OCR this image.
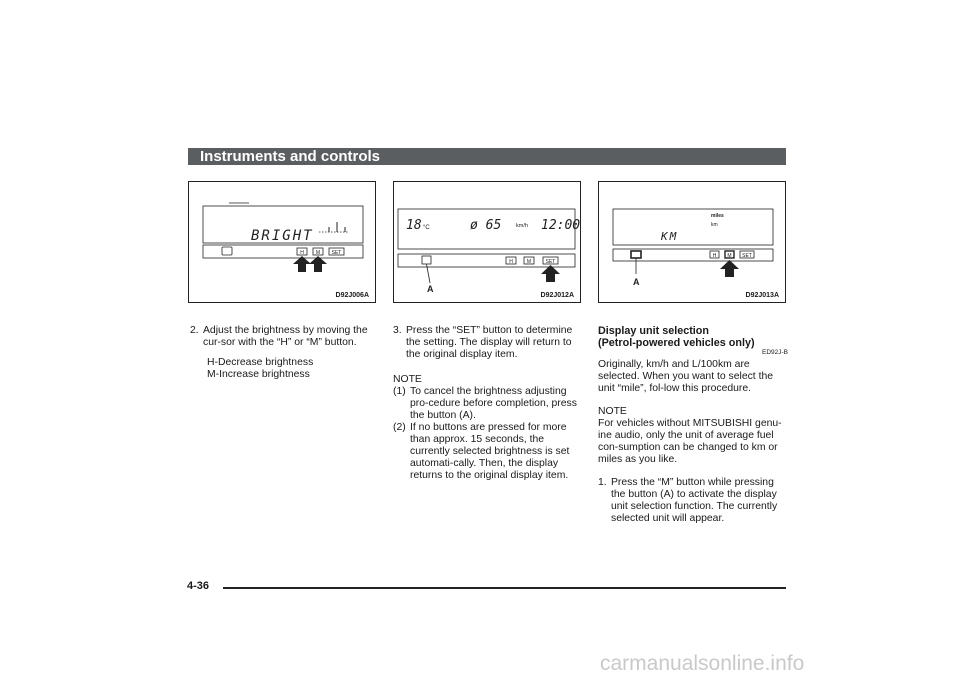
Instruments and controls
BRIGHT
H M SET
D92J006A
18 °C	ø 65	km/h 12:00
A
H	M	SET
D92J012A
miles
km
KM
A
H M SET
D92J013A
2. Adjust the brightness by moving the cur-sor with the “H” or “M” button.
H-Decrease brightness
M-Increase brightness
3. Press the “SET” button to determine the setting. The display will return to the original display item.
NOTE
(1) To cancel the brightness adjusting pro-cedure before completion, press the button (A).
(2) If no buttons are pressed for more than approx. 15 seconds, the currently selected brightness is set automati-cally. Then, the display returns to the original display item.
Display unit selection
(Petrol-powered vehicles only)
ED92J-B
Originally, km/h and L/100km are selected. When you want to select the unit “mile”, fol-low this procedure.
NOTE
For vehicles without MITSUBISHI genu-ine audio, only the unit of average fuel con-sumption can be changed to km or miles as you like.
1. Press the “M” button while pressing the button (A) to activate the display unit selection function. The currently selected unit will appear.
4-36
carmanualsonline.info
